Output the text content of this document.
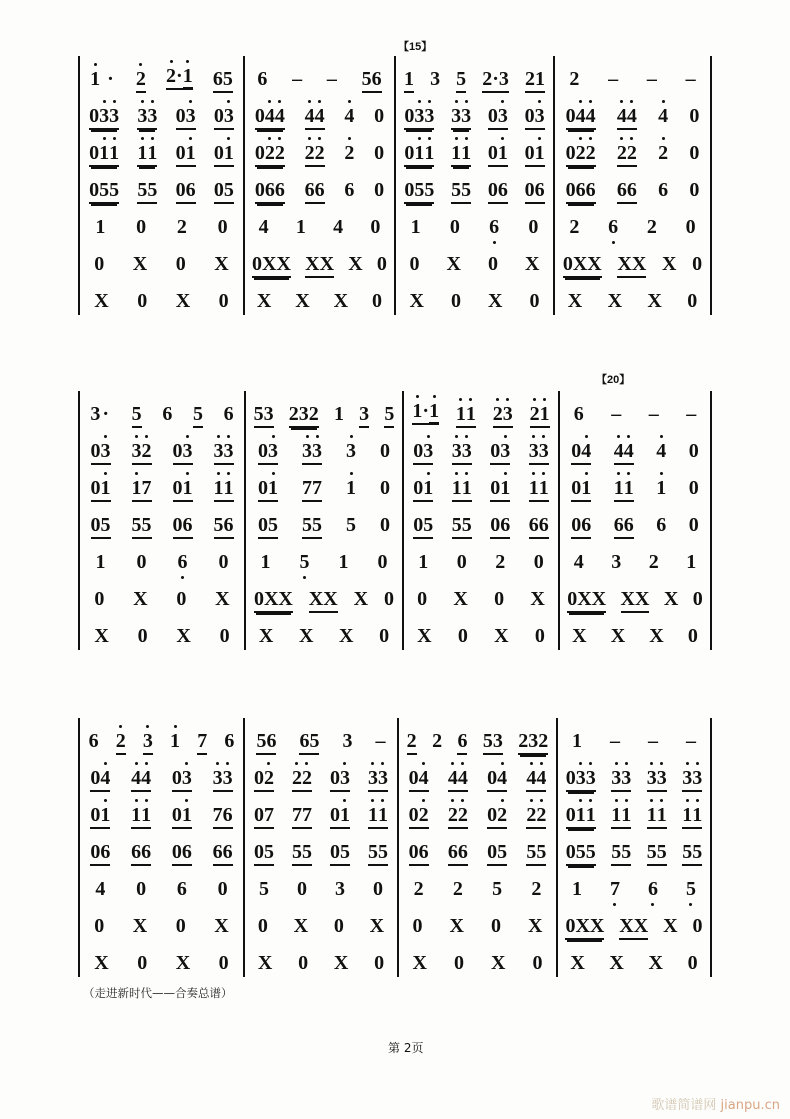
1 · 2 2·1 65
033 33 03 03
011 11 01 01
055 55 06 05
1 0 2 0
0 X 0 X
X 0 X 0
6 – – 56
044 44 4 0
022 22 2 0
066 66 6 0
4 1 4 0
0XX XX X 0
X X X 0
【15】
1 3 5 2·3 21
033 33 03 03
011 11 01 01
055 55 06 06
1 0 6 0
0 X 0 X
X 0 X 0
2 – – –
044 44 4 0
022 22 2 0
066 66 6 0
2 6 2 0
0XX XX X 0
X X X 0
3 · 5 6 5 6
03 32 03 33
01 17 01 11
05 55 06 56
1 0 6 0
0 X 0 X
X 0 X 0
53 232 1 3 5
03 33 3 0
01 77 1 0
05 55 5 0
1 5 1 0
0XX XX X 0
X X X 0
1·1 11 23 21
03 33 03 33
01 11 01 11
05 55 06 66
1 0 2 0
0 X 0 X
X 0 X 0
【20】
6 – – –
04 44 4 0
01 11 1 0
06 66 6 0
4 3 2 1
0XX XX X 0
X X X 0
6 2 3 1 7 6
04 44 03 33
01 11 01 76
06 66 06 66
4 0 6 0
0 X 0 X
X 0 X 0
56 65 3 –
02 22 03 33
07 77 01 11
05 55 05 55
5 0 3 0
0 X 0 X
X 0 X 0
2 2 6 53 232
04 44 04 44
02 22 02 22
06 66 05 55
2 2 5 2
0 X 0 X
X 0 X 0
1 – – –
033 33 33 33
011 11 11 11
055 55 55 55
1 7 6 5
0XX XX X 0
X X X 0
（走进新时代——合奏总谱）
第 2页
歌谱简谱网 jianpu.cn
